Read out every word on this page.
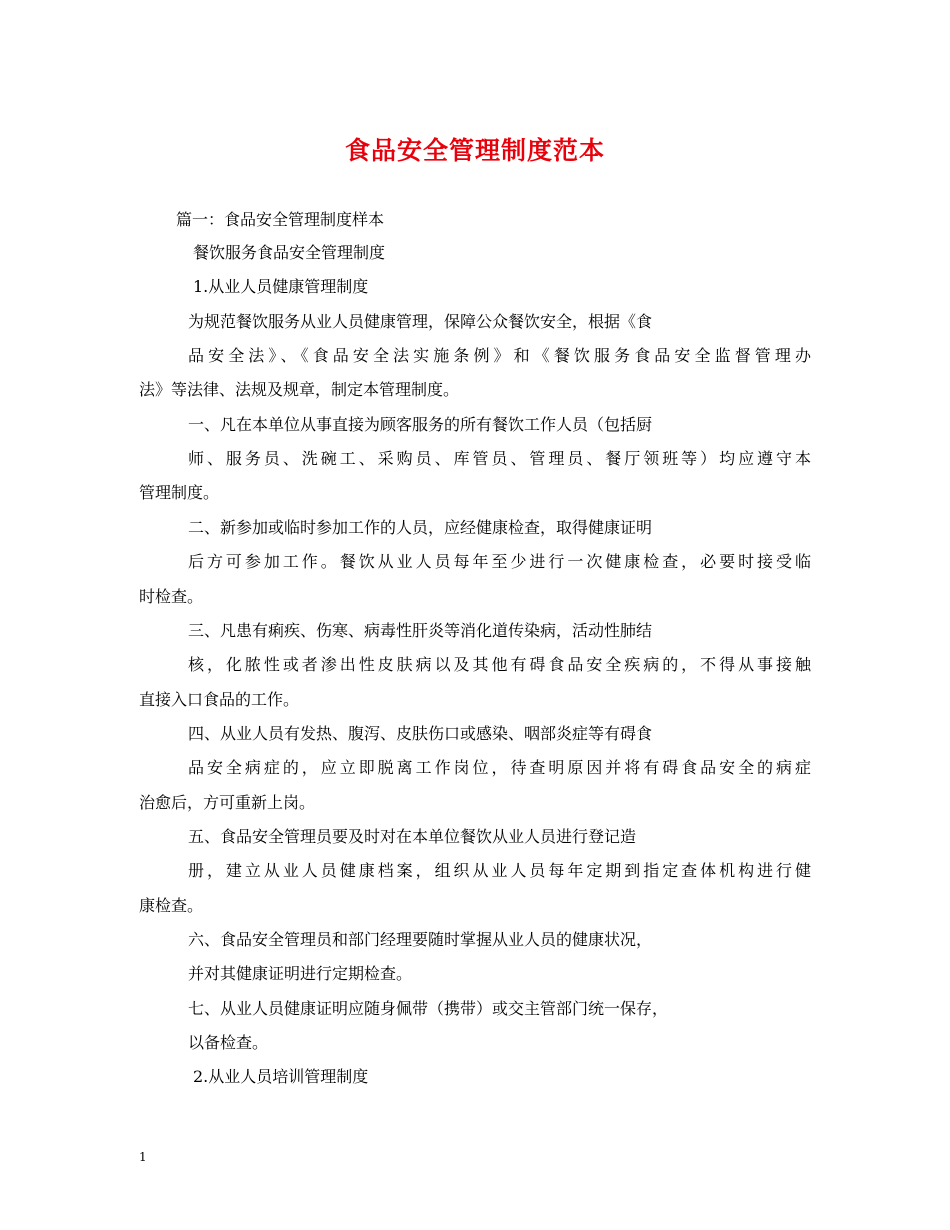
食品安全管理制度范本
篇一：食品安全管理制度样本
餐饮服务食品安全管理制度
1.从业人员健康管理制度
为规范餐饮服务从业人员健康管理，保障公众餐饮安全，根据《食
品安全法》、《食品安全法实施条例》和《餐饮服务食品安全监督管理办
法》等法律、法规及规章，制定本管理制度。
一、凡在本单位从事直接为顾客服务的所有餐饮工作人员（包括厨
师、服务员、洗碗工、采购员、库管员、管理员、餐厅领班等）均应遵守本
管理制度。
二、新参加或临时参加工作的人员，应经健康检查，取得健康证明
后方可参加工作。餐饮从业人员每年至少进行一次健康检查，必要时接受临
时检查。
三、凡患有痢疾、伤寒、病毒性肝炎等消化道传染病，活动性肺结
核，化脓性或者渗出性皮肤病以及其他有碍食品安全疾病的，不得从事接触
直接入口食品的工作。
四、从业人员有发热、腹泻、皮肤伤口或感染、咽部炎症等有碍食
品安全病症的，应立即脱离工作岗位，待查明原因并将有碍食品安全的病症
治愈后，方可重新上岗。
五、食品安全管理员要及时对在本单位餐饮从业人员进行登记造
册，建立从业人员健康档案，组织从业人员每年定期到指定查体机构进行健
康检查。
六、食品安全管理员和部门经理要随时掌握从业人员的健康状况，
并对其健康证明进行定期检查。
七、从业人员健康证明应随身佩带（携带）或交主管部门统一保存，
以备检查。
2.从业人员培训管理制度
1
